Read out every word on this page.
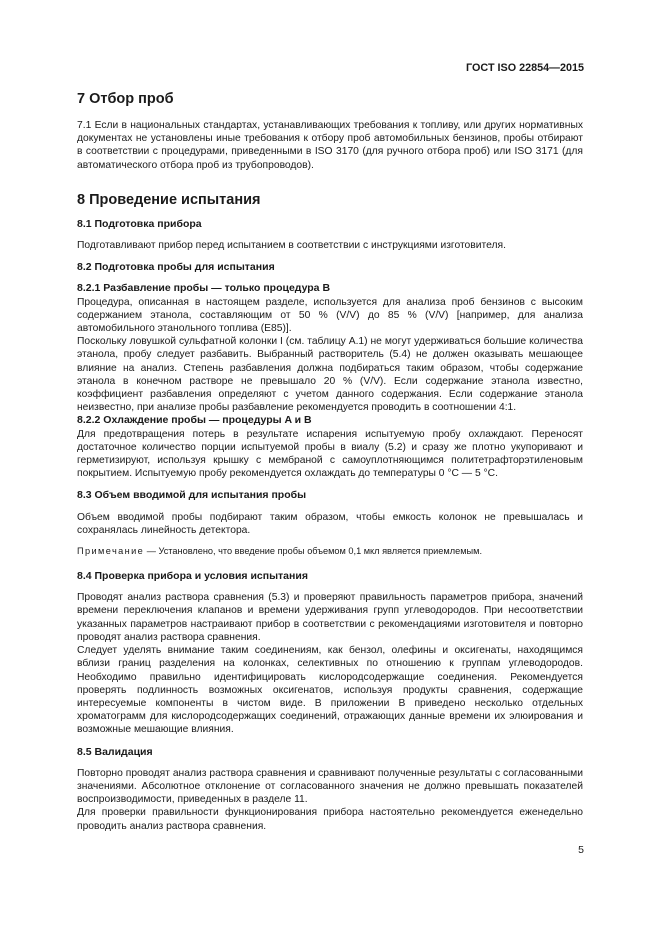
ГОСТ ISO 22854—2015
7 Отбор проб

7.1 Если в национальных стандартах, устанавливающих требования к топливу, или других нормативных документах не установлены иные требования к отбору проб автомобильных бензинов, пробы отбирают в соответствии с процедурами, приведенными в ISO 3170 (для ручного отбора проб) или ISO 3171 (для автоматического отбора проб из трубопроводов).

8 Проведение испытания
8.1 Подготовка прибора

Подготавливают прибор перед испытанием в соответствии с инструкциями изготовителя.

8.2 Подготовка пробы для испытания
8.2.1 Разбавление пробы — только процедура B

Процедура, описанная в настоящем разделе, используется для анализа проб бензинов с высоким содержанием этанола, составляющим от 50 % (V/V) до 85 % (V/V) [например, для анализа автомобильного этанольного топлива (E85)].

Поскольку ловушкой сульфатной колонки I (см. таблицу А.1) не могут удерживаться большие количества этанола, пробу следует разбавить. Выбранный растворитель (5.4) не должен оказывать мешающее влияние на анализ. Степень разбавления должна подбираться таким образом, чтобы содержание этанола в конечном растворе не превышало 20 % (V/V). Если содержание этанола известно, коэффициент разбавления определяют с учетом данного содержания. Если содержание этанола неизвестно, при анализе пробы разбавление рекомендуется проводить в соотношении 4:1.

8.2.2 Охлаждение пробы — процедуры A и B

Для предотвращения потерь в результате испарения испытуемую пробу охлаждают. Переносят достаточное количество порции испытуемой пробы в виалу (5.2) и сразу же плотно укупоривают и герметизируют, используя крышку с мембраной с самоуплотняющимся политетрафторэтиленовым покрытием. Испытуемую пробу рекомендуется охлаждать до температуры 0 °C — 5 °C.

8.3 Объем вводимой для испытания пробы

Объем вводимой пробы подбирают таким образом, чтобы емкость колонок не превышалась и сохранялась линейность детектора.

Примечание — Установлено, что введение пробы объемом 0,1 мкл является приемлемым.

8.4 Проверка прибора и условия испытания

Проводят анализ раствора сравнения (5.3) и проверяют правильность параметров прибора, значений времени переключения клапанов и времени удерживания групп углеводородов. При несоответствии указанных параметров настраивают прибор в соответствии с рекомендациями изготовителя и повторно проводят анализ раствора сравнения.

Следует уделять внимание таким соединениям, как бензол, олефины и оксигенаты, находящимся вблизи границ разделения на колонках, селективных по отношению к группам углеводородов. Необходимо правильно идентифицировать кислородсодержащие соединения. Рекомендуется проверять подлинность возможных оксигенатов, используя продукты сравнения, содержащие интересуемые компоненты в чистом виде. В приложении В приведено несколько отдельных хроматограмм для кислородсодержащих соединений, отражающих данные времени их элюирования и возможные мешающие влияния.

8.5 Валидация

Повторно проводят анализ раствора сравнения и сравнивают полученные результаты с согласованными значениями. Абсолютное отклонение от согласованного значения не должно превышать показателей воспроизводимости, приведенных в разделе 11.

Для проверки правильности функционирования прибора настоятельно рекомендуется еженедельно проводить анализ раствора сравнения.

5
